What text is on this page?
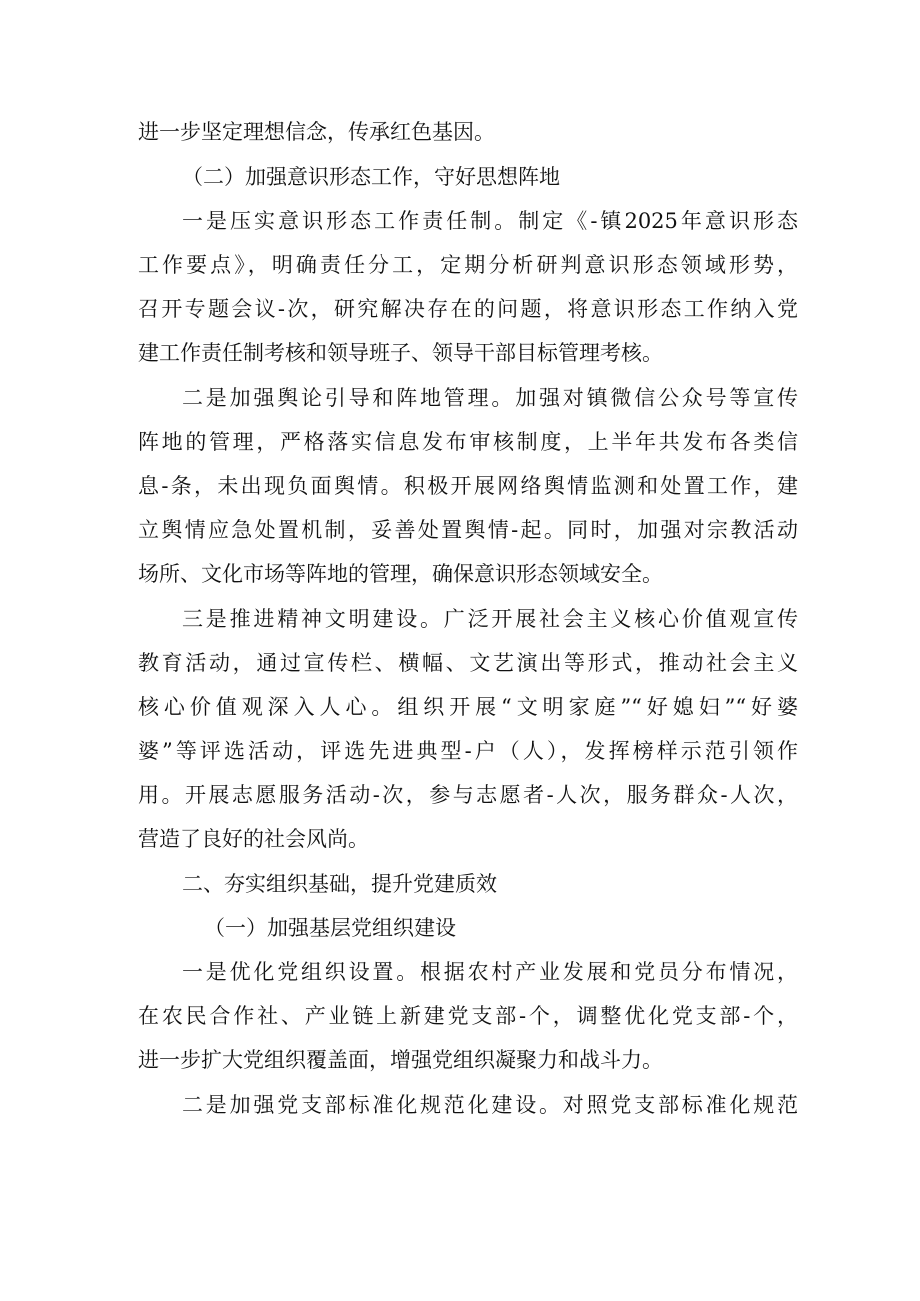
进一步坚定理想信念，传承红色基因。
（二）加强意识形态工作，守好思想阵地
一是压实意识形态工作责任制。制定《-镇2025年意识形态
工作要点》，明确责任分工，定期分析研判意识形态领域形势，
召开专题会议-次，研究解决存在的问题，将意识形态工作纳入党
建工作责任制考核和领导班子、领导干部目标管理考核。
二是加强舆论引导和阵地管理。加强对镇微信公众号等宣传
阵地的管理，严格落实信息发布审核制度，上半年共发布各类信
息-条，未出现负面舆情。积极开展网络舆情监测和处置工作，建
立舆情应急处置机制，妥善处置舆情-起。同时，加强对宗教活动
场所、文化市场等阵地的管理，确保意识形态领域安全。
三是推进精神文明建设。广泛开展社会主义核心价值观宣传
教育活动，通过宣传栏、横幅、文艺演出等形式，推动社会主义
核心价值观深入人心。组织开展“文明家庭”“好媳妇”“好婆
婆”等评选活动，评选先进典型-户（人），发挥榜样示范引领作
用。开展志愿服务活动-次，参与志愿者-人次，服务群众-人次，
营造了良好的社会风尚。
二、夯实组织基础，提升党建质效
（一）加强基层党组织建设
一是优化党组织设置。根据农村产业发展和党员分布情况，
在农民合作社、产业链上新建党支部-个，调整优化党支部-个，
进一步扩大党组织覆盖面，增强党组织凝聚力和战斗力。
二是加强党支部标准化规范化建设。对照党支部标准化规范
